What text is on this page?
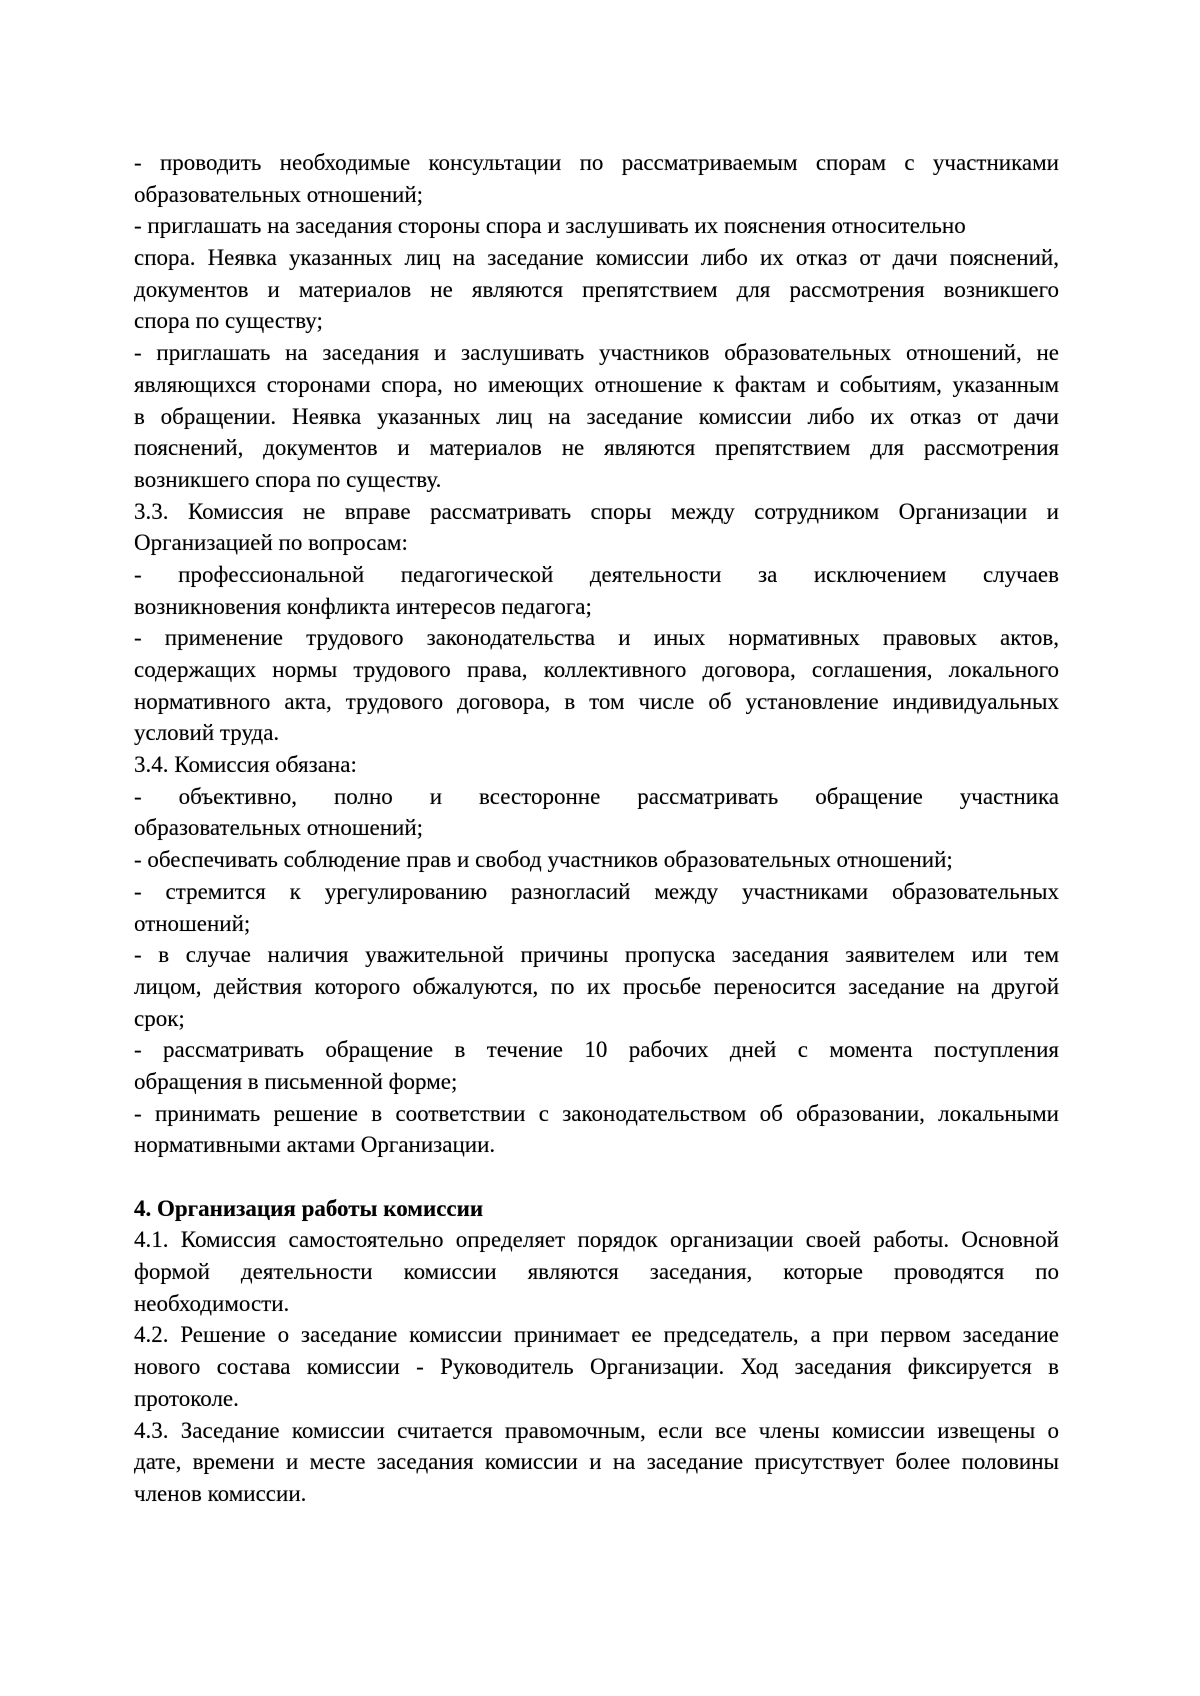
- проводить необходимые консультации по рассматриваемым спорам с участниками
образовательных отношений;
- приглашать на заседания стороны спора и заслушивать их пояснения относительно
спора. Неявка указанных лиц на заседание комиссии либо их отказ от дачи пояснений,
документов и материалов не являются препятствием для рассмотрения возникшего
спора по существу;
- приглашать на заседания и заслушивать участников образовательных отношений, не
являющихся сторонами спора, но имеющих отношение к фактам и событиям, указанным
в обращении. Неявка указанных лиц на заседание комиссии либо их отказ от дачи
пояснений, документов и материалов не являются препятствием для рассмотрения
возникшего спора по существу.
3.3. Комиссия не вправе рассматривать споры между сотрудником Организации и
Организацией по вопросам:
- профессиональной педагогической деятельности за исключением случаев
возникновения конфликта интересов педагога;
- применение трудового законодательства и иных нормативных правовых актов,
содержащих нормы трудового права, коллективного договора, соглашения, локального
нормативного акта, трудового договора, в том числе об установление индивидуальных
условий труда.
3.4. Комиссия обязана:
- объективно, полно и всесторонне рассматривать обращение участника
образовательных отношений;
- обеспечивать соблюдение прав и свобод участников образовательных отношений;
- стремится к урегулированию разногласий между участниками образовательных
отношений;
- в случае наличия уважительной причины пропуска заседания заявителем или тем
лицом, действия которого обжалуются, по их просьбе переносится заседание на другой
срок;
- рассматривать обращение в течение 10 рабочих дней с момента поступления
обращения в письменной форме;
- принимать решение в соответствии с законодательством об образовании, локальными
нормативными актами Организации.
4. Организация работы комиссии
4.1. Комиссия самостоятельно определяет порядок организации своей работы. Основной
формой деятельности комиссии являются заседания, которые проводятся по
необходимости.
4.2. Решение о заседание комиссии принимает ее председатель, а при первом заседание
нового состава комиссии - Руководитель Организации. Ход заседания фиксируется в
протоколе.
4.3. Заседание комиссии считается правомочным, если все члены комиссии извещены о
дате, времени и месте заседания комиссии и на заседание присутствует более половины
членов комиссии.
